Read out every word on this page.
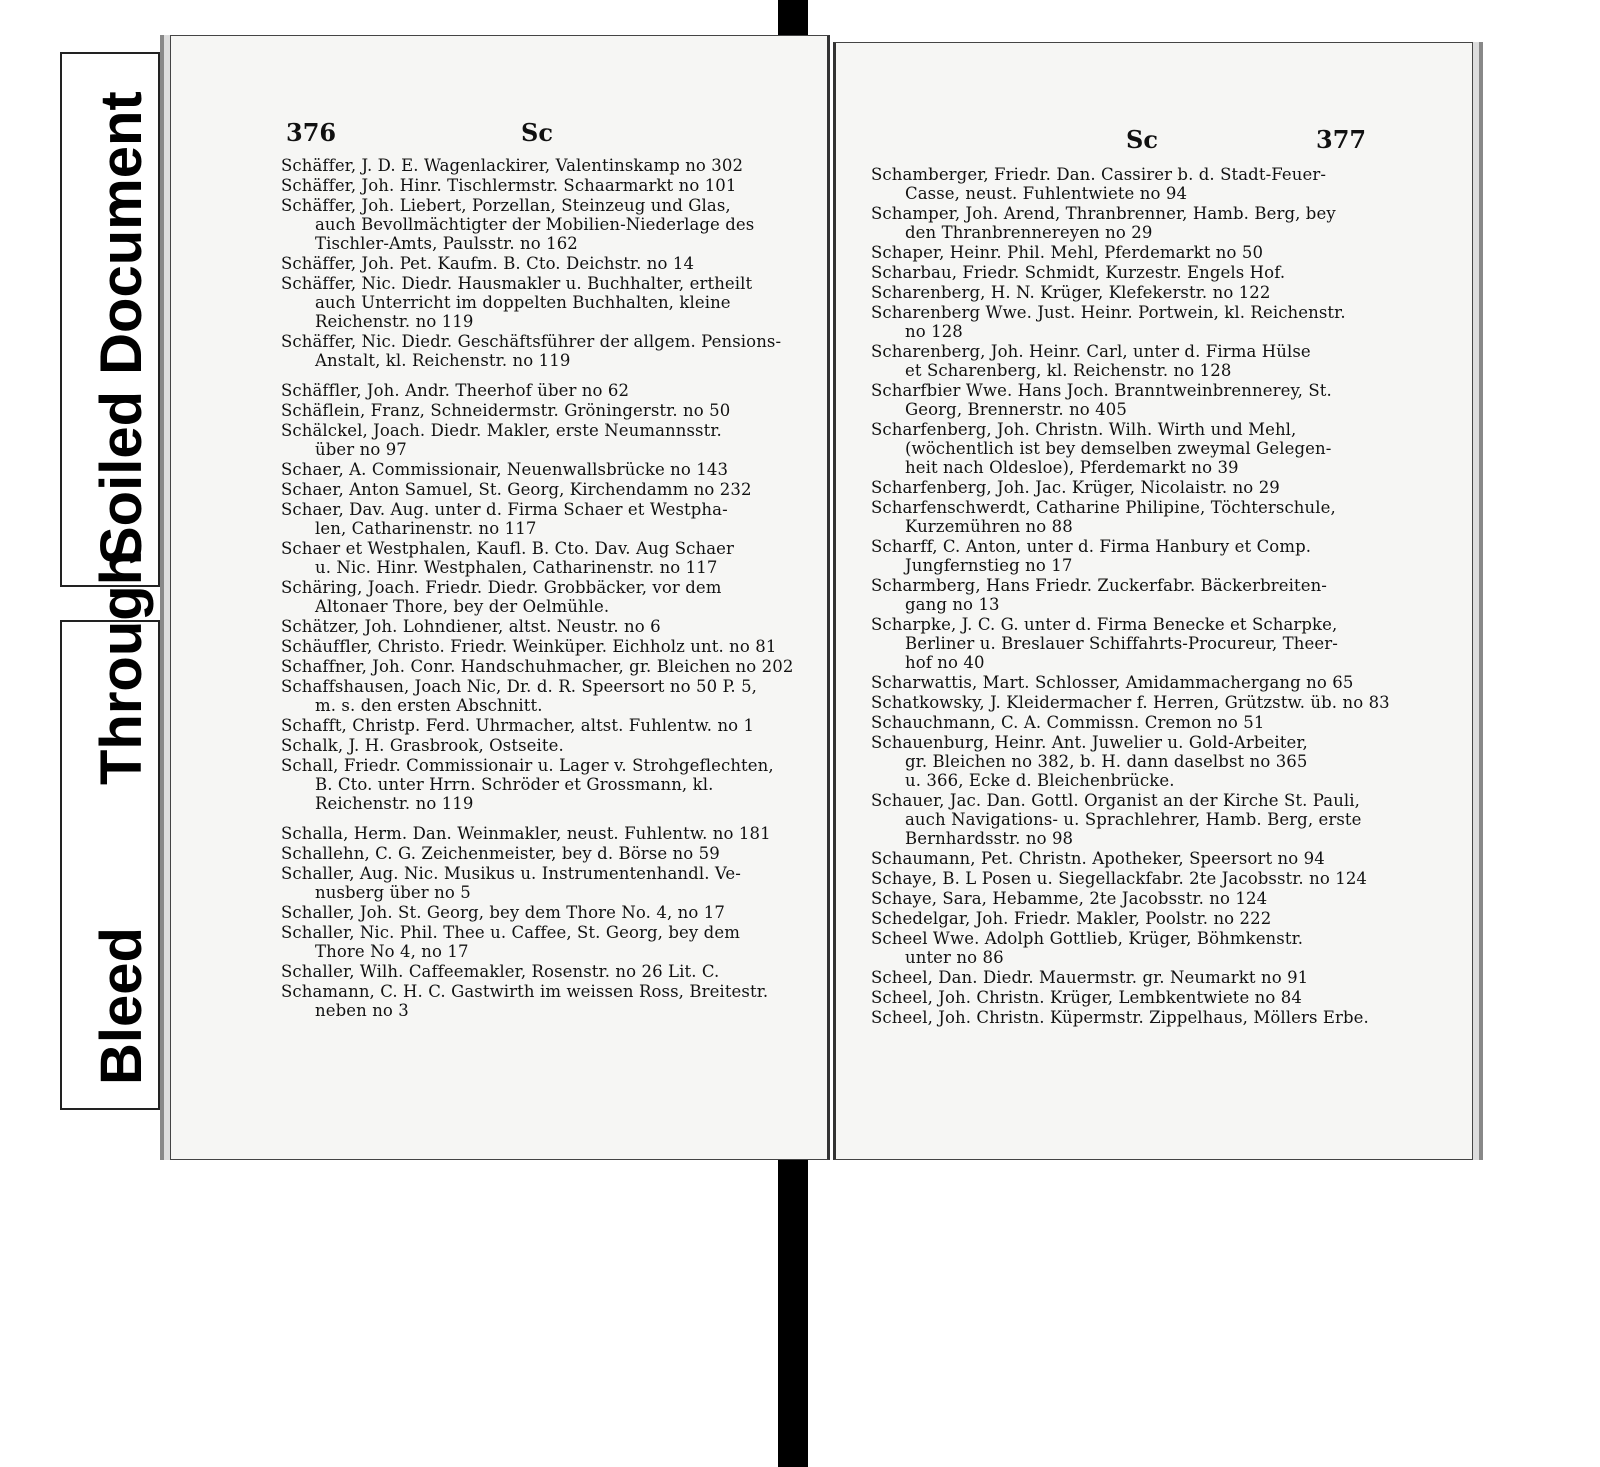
Bleed
Through
Soiled Document	376	Sc
Schäffer, J. D. E. Wagenlackirer, Valentinskamp no 302
Schäffer, Joh. Hinr. Tischlermstr. Schaarmarkt no 101
Schäffer, Joh. Liebert, Porzellan, Steinzeug und Glas,
auch Bevollmächtigter der Mobilien-Niederlage des
Tischler-Amts, Paulsstr. no 162
Schäffer, Joh. Pet. Kaufm. B. Cto. Deichstr. no 14
Schäffer, Nic. Diedr. Hausmakler u. Buchhalter, ertheilt
auch Unterricht im doppelten Buchhalten, kleine
Reichenstr. no 119
Schäffer, Nic. Diedr. Geschäftsführer der allgem. Pensions-
Anstalt, kl. Reichenstr. no 119
Schäffler, Joh. Andr. Theerhof über no 62
Schäflein, Franz, Schneidermstr. Gröningerstr. no 50
Schälckel, Joach. Diedr. Makler, erste Neumannsstr.
über no 97
Schaer, A. Commissionair, Neuenwallsbrücke no 143
Schaer, Anton Samuel, St. Georg, Kirchendamm no 232
Schaer, Dav. Aug. unter d. Firma Schaer et Westpha-
len, Catharinenstr. no 117
Schaer et Westphalen, Kaufl. B. Cto. Dav. Aug Schaer
u. Nic. Hinr. Westphalen, Catharinenstr. no 117
Schäring, Joach. Friedr. Diedr. Grobbäcker, vor dem
Altonaer Thore, bey der Oelmühle.
Schätzer, Joh. Lohndiener, altst. Neustr. no 6
Schäuffler, Christo. Friedr. Weinküper. Eichholz unt. no 81
Schaffner, Joh. Conr. Handschuhmacher, gr. Bleichen no 202
Schaffshausen, Joach Nic, Dr. d. R. Speersort no 50 P. 5,
m. s. den ersten Abschnitt.
Schafft, Christp. Ferd. Uhrmacher, altst. Fuhlentw. no 1
Schalk, J. H. Grasbrook, Ostseite.
Schall, Friedr. Commissionair u. Lager v. Strohgeflechten,
B. Cto. unter Hrrn. Schröder et Grossmann, kl.
Reichenstr. no 119
Schalla, Herm. Dan. Weinmakler, neust. Fuhlentw. no 181
Schallehn, C. G. Zeichenmeister, bey d. Börse no 59
Schaller, Aug. Nic. Musikus u. Instrumentenhandl. Ve-
nusberg über no 5
Schaller, Joh. St. Georg, bey dem Thore No. 4, no 17
Schaller, Nic. Phil. Thee u. Caffee, St. Georg, bey dem
Thore No 4, no 17
Schaller, Wilh. Caffeemakler, Rosenstr. no 26 Lit. C.
Schamann, C. H. C. Gastwirth im weissen Ross, Breitestr.
neben no 3
Sc	377
Schamberger, Friedr. Dan. Cassirer b. d. Stadt-Feuer-
Casse, neust. Fuhlentwiete no 94
Schamper, Joh. Arend, Thranbrenner, Hamb. Berg, bey
den Thranbrennereyen no 29
Schaper, Heinr. Phil. Mehl, Pferdemarkt no 50
Scharbau, Friedr. Schmidt, Kurzestr. Engels Hof.
Scharenberg, H. N. Krüger, Klefekerstr. no 122
Scharenberg Wwe. Just. Heinr. Portwein, kl. Reichenstr.
no 128
Scharenberg, Joh. Heinr. Carl, unter d. Firma Hülse
et Scharenberg, kl. Reichenstr. no 128
Scharfbier Wwe. Hans Joch. Branntweinbrennerey, St.
Georg, Brennerstr. no 405
Scharfenberg, Joh. Christn. Wilh. Wirth und Mehl,
(wöchentlich ist bey demselben zweymal Gelegen-
heit nach Oldesloe), Pferdemarkt no 39
Scharfenberg, Joh. Jac. Krüger, Nicolaistr. no 29
Scharfenschwerdt, Catharine Philipine, Töchterschule,
Kurzemühren no 88
Scharff, C. Anton, unter d. Firma Hanbury et Comp.
Jungfernstieg no 17
Scharmberg, Hans Friedr. Zuckerfabr. Bäckerbreiten-
gang no 13
Scharpke, J. C. G. unter d. Firma Benecke et Scharpke,
Berliner u. Breslauer Schiffahrts-Procureur, Theer-
hof no 40
Scharwattis, Mart. Schlosser, Amidammachergang no 65
Schatkowsky, J. Kleidermacher f. Herren, Grützstw. üb. no 83
Schauchmann, C. A. Commissn. Cremon no 51
Schauenburg, Heinr. Ant. Juwelier u. Gold-Arbeiter,
gr. Bleichen no 382, b. H. dann daselbst no 365
u. 366, Ecke d. Bleichenbrücke.
Schauer, Jac. Dan. Gottl. Organist an der Kirche St. Pauli,
auch Navigations- u. Sprachlehrer, Hamb. Berg, erste
Bernhardsstr. no 98
Schaumann, Pet. Christn. Apotheker, Speersort no 94
Schaye, B. L Posen u. Siegellackfabr. 2te Jacobsstr. no 124
Schaye, Sara, Hebamme, 2te Jacobsstr. no 124
Schedelgar, Joh. Friedr. Makler, Poolstr. no 222
Scheel Wwe. Adolph Gottlieb, Krüger, Böhmkenstr.
unter no 86
Scheel, Dan. Diedr. Mauermstr. gr. Neumarkt no 91
Scheel, Joh. Christn. Krüger, Lembkentwiete no 84
Scheel, Joh. Christn. Küpermstr. Zippelhaus, Möllers Erbe.
